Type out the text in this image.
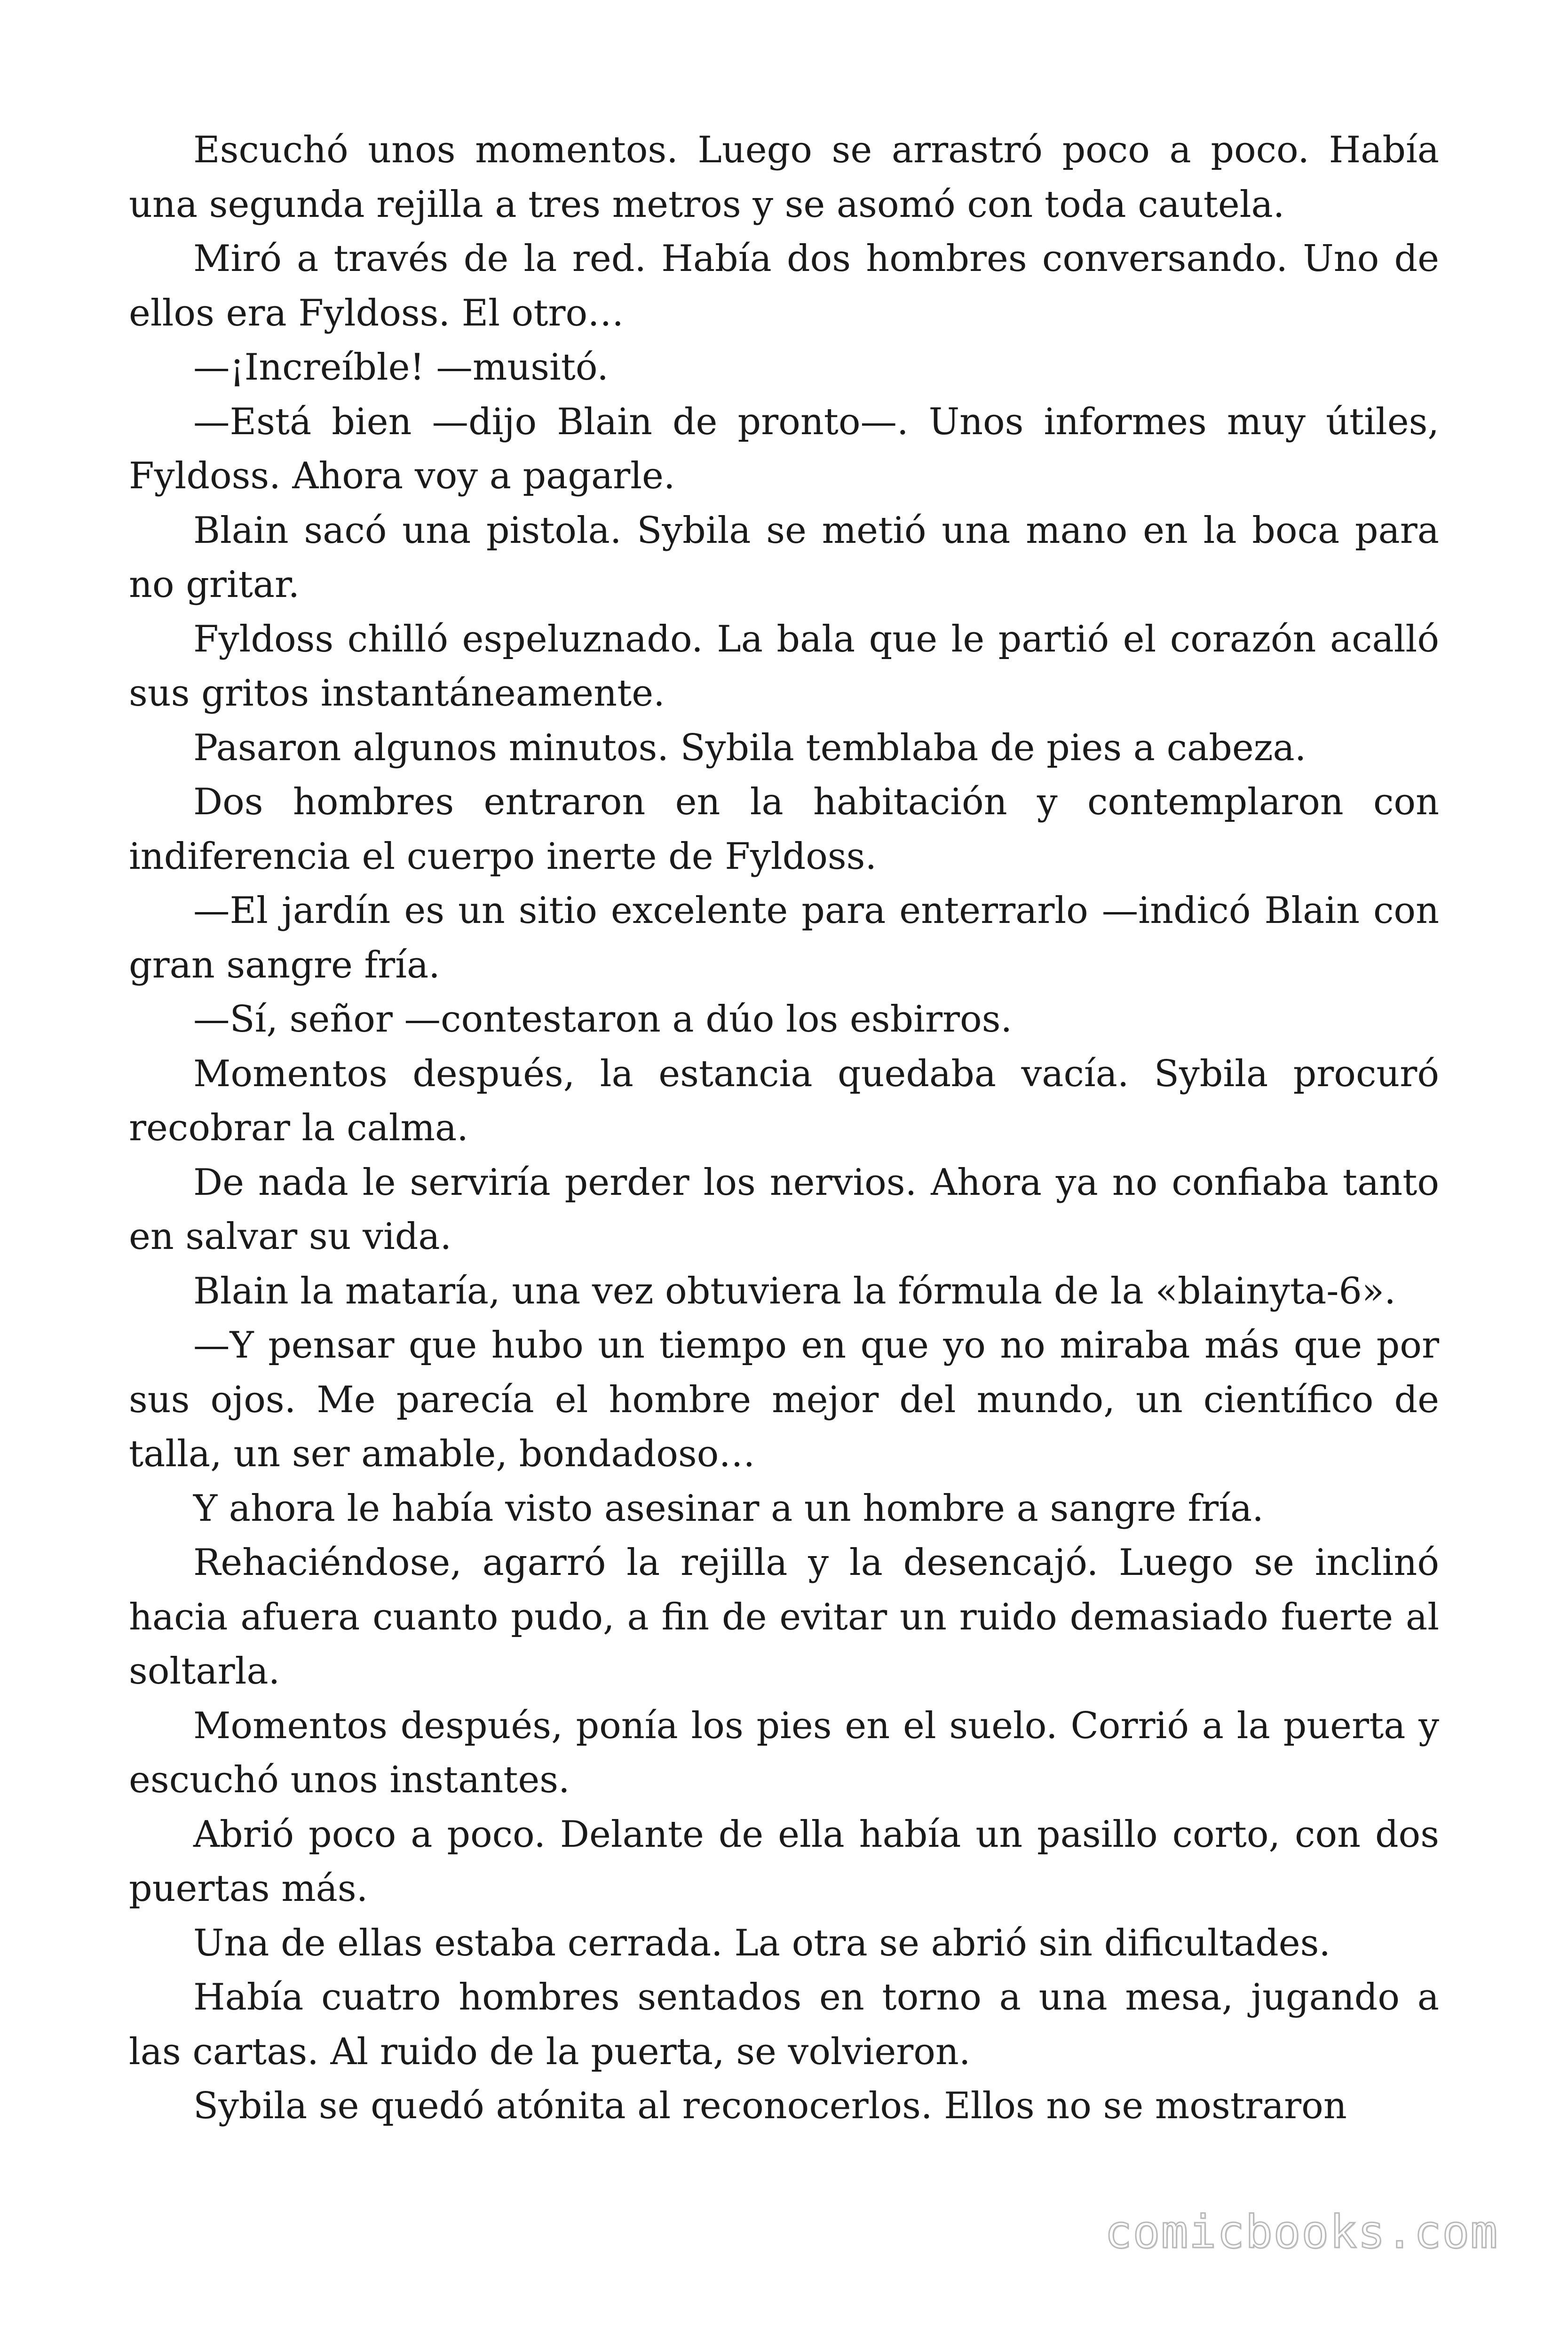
Escuchó unos momentos. Luego se arrastró poco a poco. Había una segunda rejilla a tres metros y se asomó con toda cautela.

Miró a través de la red. Había dos hombres conversando. Uno de ellos era Fyldoss. El otro…

—¡Increíble! —musitó.

—Está bien —dijo Blain de pronto—. Unos informes muy útiles, Fyldoss. Ahora voy a pagarle.

Blain sacó una pistola. Sybila se metió una mano en la boca para no gritar.

Fyldoss chilló espeluznado. La bala que le partió el corazón acalló sus gritos instantáneamente.

Pasaron algunos minutos. Sybila temblaba de pies a cabeza.

Dos hombres entraron en la habitación y contemplaron con indiferencia el cuerpo inerte de Fyldoss.

—El jardín es un sitio excelente para enterrarlo —indicó Blain con gran sangre fría.

—Sí, señor —contestaron a dúo los esbirros.

Momentos después, la estancia quedaba vacía. Sybila procuró recobrar la calma.

De nada le serviría perder los nervios. Ahora ya no confiaba tanto en salvar su vida.

Blain la mataría, una vez obtuviera la fórmula de la «blainyta-6».

—Y pensar que hubo un tiempo en que yo no miraba más que por sus ojos. Me parecía el hombre mejor del mundo, un científico de talla, un ser amable, bondadoso…

Y ahora le había visto asesinar a un hombre a sangre fría.

Rehaciéndose, agarró la rejilla y la desencajó. Luego se inclinó hacia afuera cuanto pudo, a fin de evitar un ruido demasiado fuerte al soltarla.

Momentos después, ponía los pies en el suelo. Corrió a la puerta y escuchó unos instantes.

Abrió poco a poco. Delante de ella había un pasillo corto, con dos puertas más.

Una de ellas estaba cerrada. La otra se abrió sin dificultades.

Había cuatro hombres sentados en torno a una mesa, jugando a las cartas. Al ruido de la puerta, se volvieron.

Sybila se quedó atónita al reconocerlos. Ellos no se mostraron

comicbooks.com
